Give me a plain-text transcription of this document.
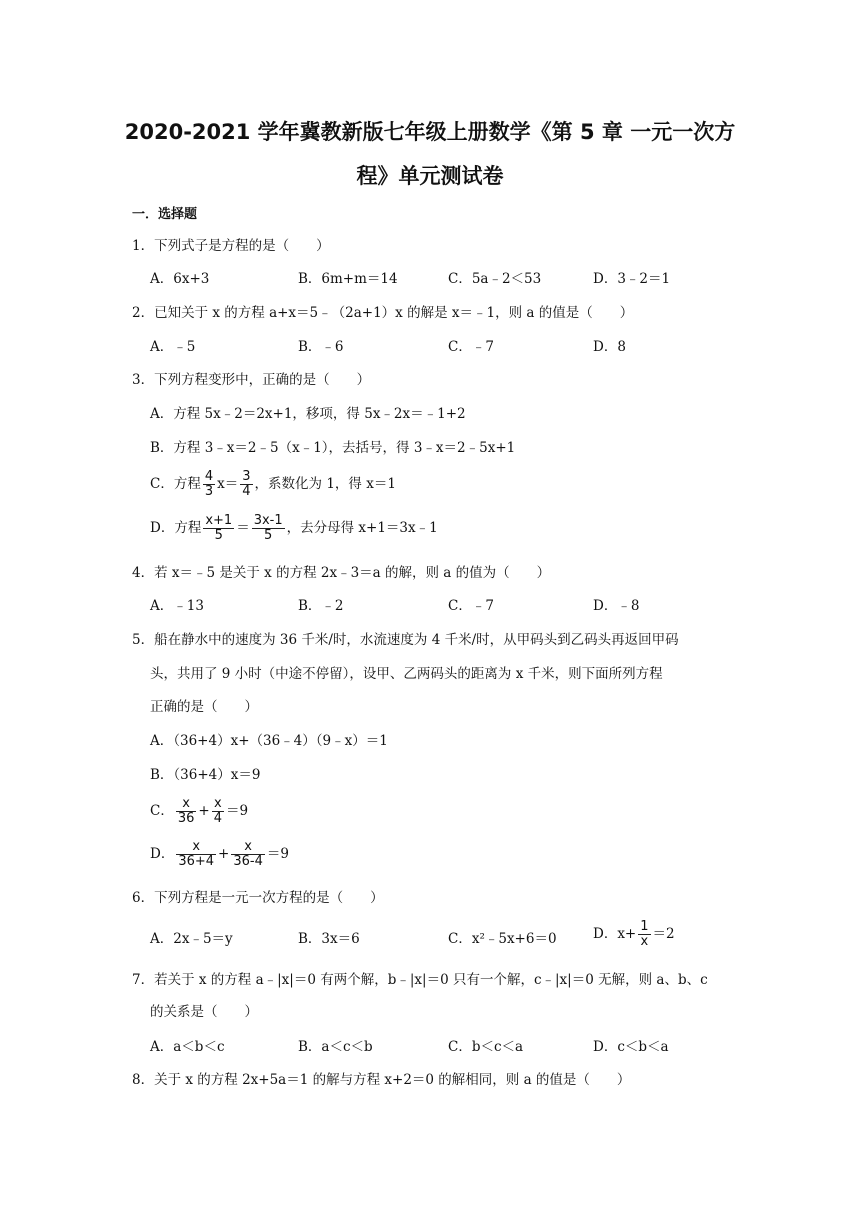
2020-2021 学年冀教新版七年级上册数学《第 5 章 一元一次方
程》单元测试卷
一．选择题
1．下列式子是方程的是（　　）
A．6x+3	B．6m+m＝14	C．5a﹣2＜53	D．3﹣2＝1
2．已知关于 x 的方程 a+x＝5﹣（2a+1）x 的解是 x＝﹣1，则 a 的值是（　　）
A．﹣5	B．﹣6	C．﹣7	D．8
3．下列方程变形中，正确的是（　　）
A．方程 5x﹣2＝2x+1，移项，得 5x﹣2x＝﹣1+2
B．方程 3﹣x＝2﹣5（x﹣1），去括号，得 3﹣x＝2﹣5x+1
C．方程 $\frac{4}{3} x= \frac{3}{4}$ ，系数化为 1，得 x＝1
D．方程 $\frac{x+1}{5} = \frac{3x-1}{5}$ ，去分母得 x+1＝3x﹣1
4．若 x＝﹣5 是关于 x 的方程 2x﹣3＝a 的解，则 a 的值为（　　）
A．﹣13	B．﹣2	C．﹣7	D．﹣8
5．船在静水中的速度为 36 千米/时，水流速度为 4 千米/时，从甲码头到乙码头再返回甲码
头，共用了 9 小时（中途不停留），设甲、乙两码头的距离为 x 千米，则下面所列方程
正确的是（　　）
A．（36+4）x+（36﹣4）（9﹣x）＝1
B．（36+4）x＝9
C． $\frac{x}{36} + \frac{x}{4} =9$
D． $\frac{x}{36+4} + \frac{x}{36-4} =9$
6．下列方程是一元一次方程的是（　　）
A．2x﹣5＝y	B．3x＝6	C．x²﹣5x+6＝0	D．$x+ \frac{1}{x} =2$
7．若关于 x 的方程 a﹣|x|＝0 有两个解，b﹣|x|＝0 只有一个解，c﹣|x|＝0 无解，则 a、b、c
的关系是（　　）
A．a＜b＜c	B．a＜c＜b	C．b＜c＜a	D．c＜b＜a
8．关于 x 的方程 2x+5a＝1 的解与方程 x+2＝0 的解相同，则 a 的值是（　　）
